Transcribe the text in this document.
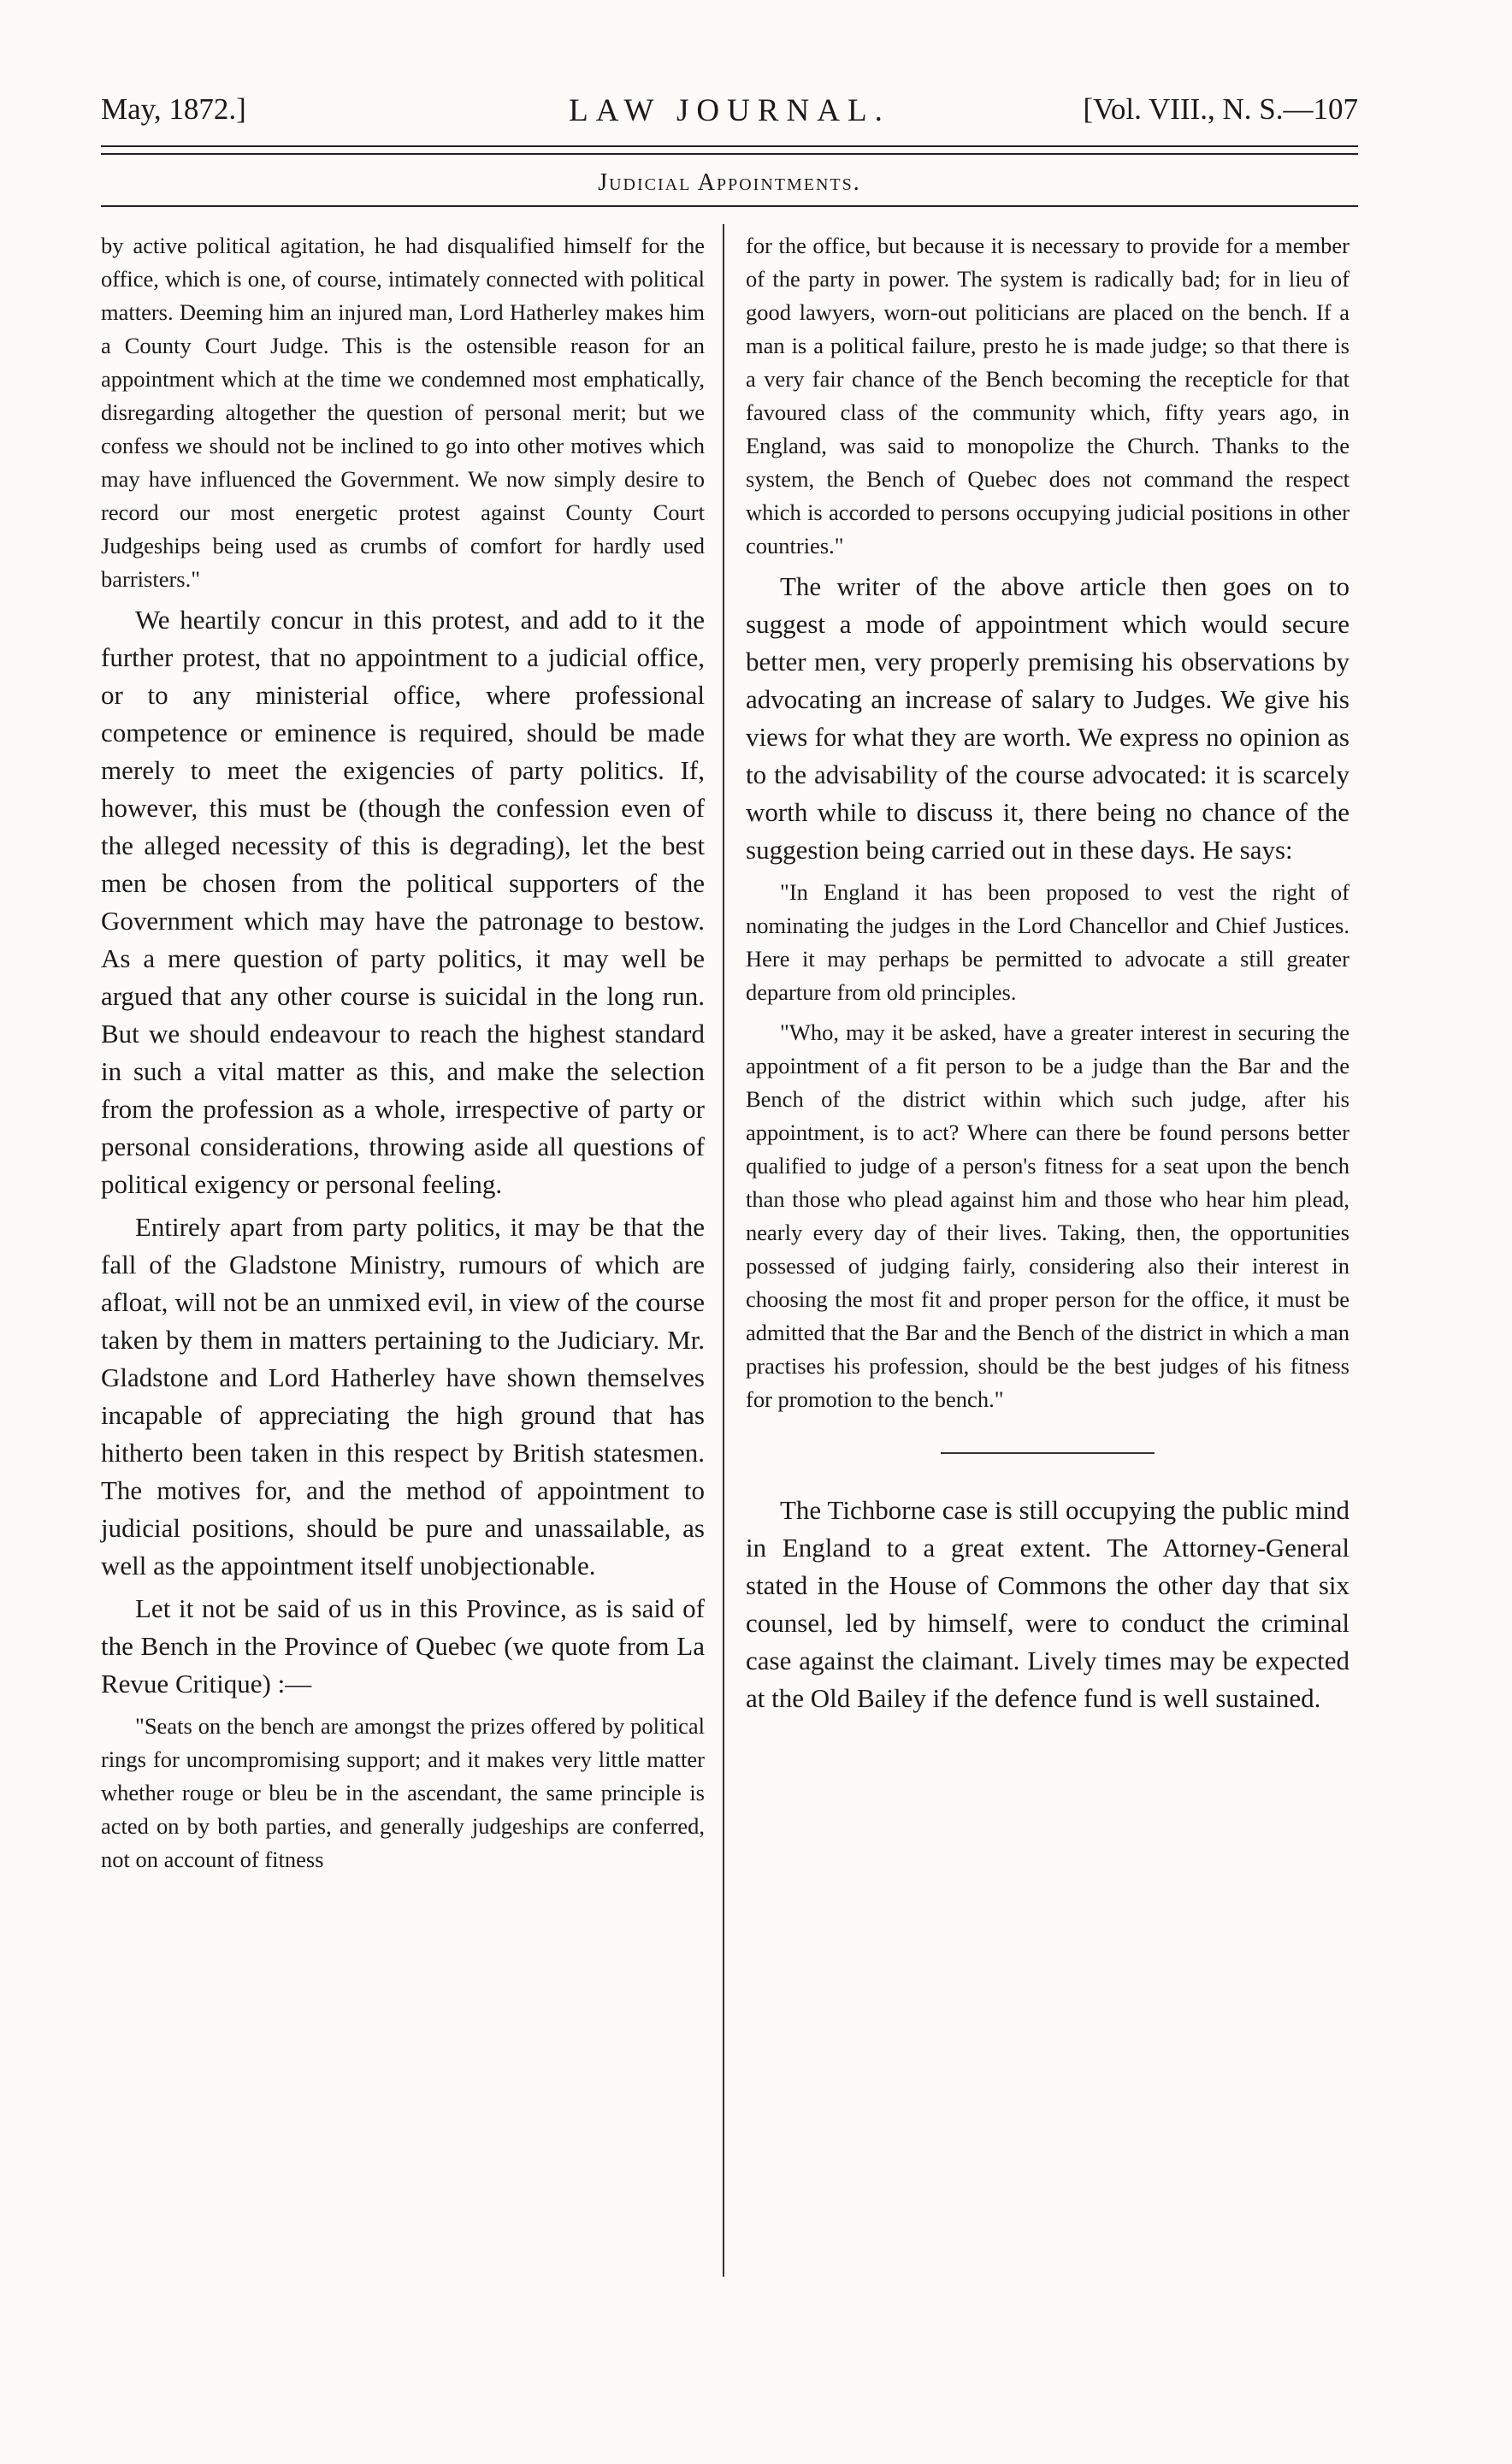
May, 1872.]	LAW JOURNAL.	[Vol. VIII., N. S.—107
Judicial Appointments.

by active political agitation, he had disqualified himself for the office, which is one, of course, intimately connected with political matters. Deeming him an injured man, Lord Hatherley makes him a County Court Judge. This is the ostensible reason for an appointment which at the time we condemned most emphatically, disregarding altogether the question of personal merit; but we confess we should not be inclined to go into other motives which may have influenced the Government. We now simply desire to record our most energetic protest against County Court Judgeships being used as crumbs of comfort for hardly used barristers."

We heartily concur in this protest, and add to it the further protest, that no appointment to a judicial office, or to any ministerial office, where professional competence or eminence is required, should be made merely to meet the exigencies of party politics. If, however, this must be (though the confession even of the alleged necessity of this is degrading), let the best men be chosen from the political supporters of the Government which may have the patronage to bestow. As a mere question of party politics, it may well be argued that any other course is suicidal in the long run. But we should endeavour to reach the highest standard in such a vital matter as this, and make the selection from the profession as a whole, irrespective of party or personal considerations, throwing aside all questions of political exigency or personal feeling.

Entirely apart from party politics, it may be that the fall of the Gladstone Ministry, rumours of which are afloat, will not be an unmixed evil, in view of the course taken by them in matters pertaining to the Judiciary. Mr. Gladstone and Lord Hatherley have shown themselves incapable of appreciating the high ground that has hitherto been taken in this respect by British statesmen. The motives for, and the method of appointment to judicial positions, should be pure and unassailable, as well as the appointment itself unobjectionable.

Let it not be said of us in this Province, as is said of the Bench in the Province of Quebec (we quote from La Revue Critique) :—

"Seats on the bench are amongst the prizes offered by political rings for uncompromising support; and it makes very little matter whether rouge or bleu be in the ascendant, the same principle is acted on by both parties, and generally judgeships are conferred, not on account of fitness

for the office, but because it is necessary to provide for a member of the party in power. The system is radically bad; for in lieu of good lawyers, worn-out politicians are placed on the bench. If a man is a political failure, presto he is made judge; so that there is a very fair chance of the Bench becoming the recepticle for that favoured class of the community which, fifty years ago, in England, was said to monopolize the Church. Thanks to the system, the Bench of Quebec does not command the respect which is accorded to persons occupying judicial positions in other countries."

The writer of the above article then goes on to suggest a mode of appointment which would secure better men, very properly premising his observations by advocating an increase of salary to Judges. We give his views for what they are worth. We express no opinion as to the advisability of the course advocated: it is scarcely worth while to discuss it, there being no chance of the suggestion being carried out in these days. He says:

"In England it has been proposed to vest the right of nominating the judges in the Lord Chancellor and Chief Justices. Here it may perhaps be permitted to advocate a still greater departure from old principles.

"Who, may it be asked, have a greater interest in securing the appointment of a fit person to be a judge than the Bar and the Bench of the district within which such judge, after his appointment, is to act? Where can there be found persons better qualified to judge of a person's fitness for a seat upon the bench than those who plead against him and those who hear him plead, nearly every day of their lives. Taking, then, the opportunities possessed of judging fairly, considering also their interest in choosing the most fit and proper person for the office, it must be admitted that the Bar and the Bench of the district in which a man practises his profession, should be the best judges of his fitness for promotion to the bench."

The Tichborne case is still occupying the public mind in England to a great extent. The Attorney-General stated in the House of Commons the other day that six counsel, led by himself, were to conduct the criminal case against the claimant. Lively times may be expected at the Old Bailey if the defence fund is well sustained.
